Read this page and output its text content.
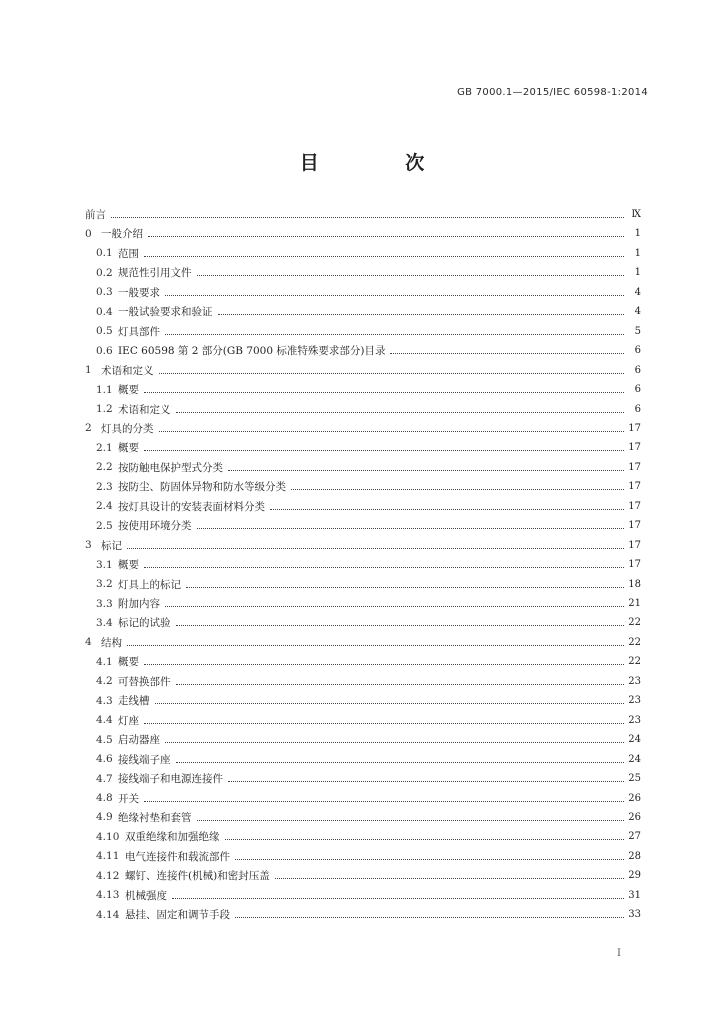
GB 7000.1—2015/IEC 60598-1:2014
目 次
前言	Ⅸ
0 一般介绍	1
0.1 范围	1
0.2 规范性引用文件	1
0.3 一般要求	4
0.4 一般试验要求和验证	4
0.5 灯具部件	5
0.6 IEC 60598 第 2 部分(GB 7000 标准特殊要求部分)目录	6
1 术语和定义	6
1.1 概要	6
1.2 术语和定义	6
2 灯具的分类	17
2.1 概要	17
2.2 按防触电保护型式分类	17
2.3 按防尘、防固体异物和防水等级分类	17
2.4 按灯具设计的安装表面材料分类	17
2.5 按使用环境分类	17
3 标记	17
3.1 概要	17
3.2 灯具上的标记	18
3.3 附加内容	21
3.4 标记的试验	22
4 结构	22
4.1 概要	22
4.2 可替换部件	23
4.3 走线槽	23
4.4 灯座	23
4.5 启动器座	24
4.6 接线端子座	24
4.7 接线端子和电源连接件	25
4.8 开关	26
4.9 绝缘衬垫和套管	26
4.10 双重绝缘和加强绝缘	27
4.11 电气连接件和载流部件	28
4.12 螺钉、连接件(机械)和密封压盖	29
4.13 机械强度	31
4.14 悬挂、固定和调节手段	33
I
